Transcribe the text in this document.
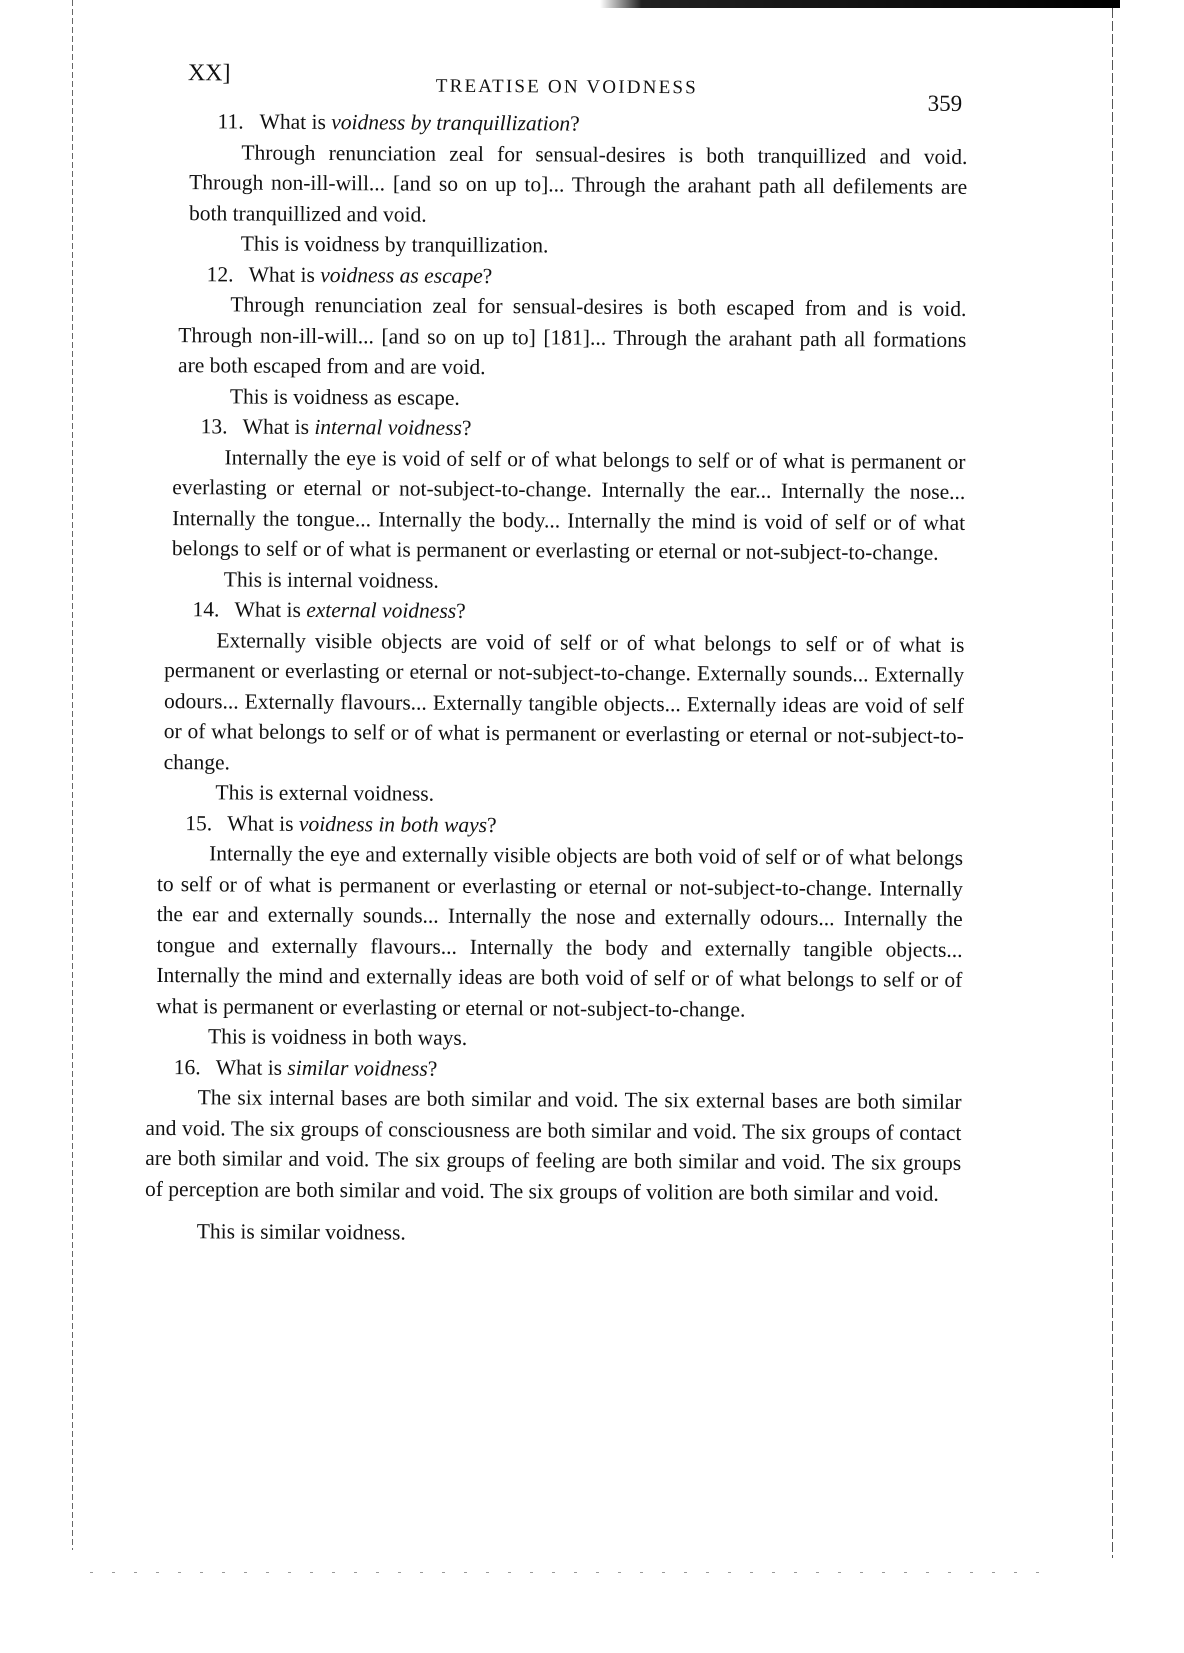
XX]
TREATISE ON VOIDNESS
359

11. What is voidness by tranquillization?

Through renunciation zeal for sensual-desires is both tranquillized and void. Through non-ill-will... [and so on up to]... Through the arahant path all defilements are both tranquillized and void.

This is voidness by tranquillization.

12. What is voidness as escape?

Through renunciation zeal for sensual-desires is both escaped from and is void. Through non-ill-will... [and so on up to] [181]... Through the arahant path all formations are both escaped from and are void.

This is voidness as escape.

13. What is internal voidness?

Internally the eye is void of self or of what belongs to self or of what is permanent or everlasting or eternal or not-subject-to-change. Internally the ear... Internally the nose... Internally the tongue... Internally the body... Internally the mind is void of self or of what belongs to self or of what is permanent or everlasting or eternal or not-subject-to-change.

This is internal voidness.

14. What is external voidness?

Externally visible objects are void of self or of what belongs to self or of what is permanent or everlasting or eternal or not-subject-to-change. Externally sounds... Externally odours... Externally flavours... Externally tangible objects... Externally ideas are void of self or of what belongs to self or of what is permanent or everlasting or eternal or not-subject-to-change.

This is external voidness.

15. What is voidness in both ways?

Internally the eye and externally visible objects are both void of self or of what belongs to self or of what is permanent or everlasting or eternal or not-subject-to-change. Internally the ear and externally sounds... Internally the nose and externally odours... Internally the tongue and externally flavours... Internally the body and externally tangible objects... Internally the mind and externally ideas are both void of self or of what belongs to self or of what is permanent or everlasting or eternal or not-subject-to-change.

This is voidness in both ways.

16. What is similar voidness?

The six internal bases are both similar and void. The six external bases are both similar and void. The six groups of consciousness are both similar and void. The six groups of contact are both similar and void. The six groups of feeling are both similar and void. The six groups of perception are both similar and void. The six groups of volition are both similar and void.

This is similar voidness.
